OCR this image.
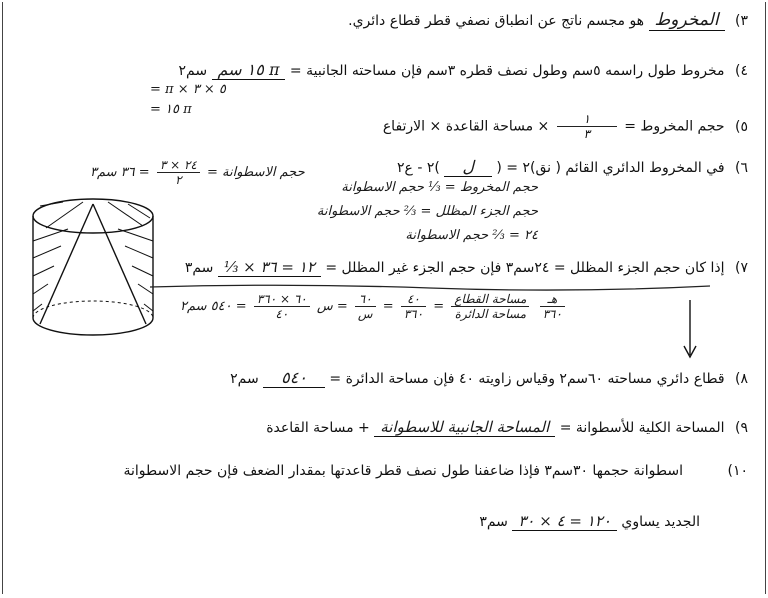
٣) المخروط هو مجسم ناتج عن انطباق نصفي قطر قطاع دائري.
٤) مخروط طول راسمه ٥سم وطول نصف قطره ٣سم فإن مساحته الجانبية = π ١٥ سم سم٢
٥ × ٣ × π =
π ١٥ =
٥) حجم المخروط =
$\frac{١}{٣}$
× مساحة القاعدة × الارتفاع
٦) في المخروط الدائري القائم ( نق)٢ = ( ل )٢ - ع٢
حجم المخروط = ⅓ حجم الاسطوانة
حجم الجزء المظلل = ⅔ حجم الاسطوانة
٢٤ = ⅔ حجم الاسطوانة
حجم الاسطوانة =
$\frac{٢٤ \times ٣}{٢}$
= ٣٦ سم٣
٧) إذا كان حجم الجزء المظلل = ٢٤سم٣ فإن حجم الجزء غير المظلل = ١٢ = ٣٦ × ⅓ سم٣
$\frac{\text{هـ}}{٣٦٠}$

$\frac{\text{مساحة القطاع}}{\text{مساحة الدائرة}}$
=
$\frac{٤٠}{٣٦٠}$
=
$\frac{٦٠}{\text{س}}$
= س
$\frac{٦٠ \times ٣٦٠}{٤٠}$
= ٥٤٠ سم٢
٨) قطاع دائري مساحته ٦٠سم٢ وقياس زاويته ٤٠ فإن مساحة الدائرة = ٥٤٠ سم٢
٩) المساحة الكلية للأسطوانة = المساحة الجانبية للاسطوانة + مساحة القاعدة
١٠) اسطوانة حجمها ٣٠سم٣ فإذا ضاعفنا طول نصف قطر قاعدتها بمقدار الضعف فإن حجم الاسطوانة
الجديد يساوي ١٢٠ = ٤ × ٣٠ سم٣
